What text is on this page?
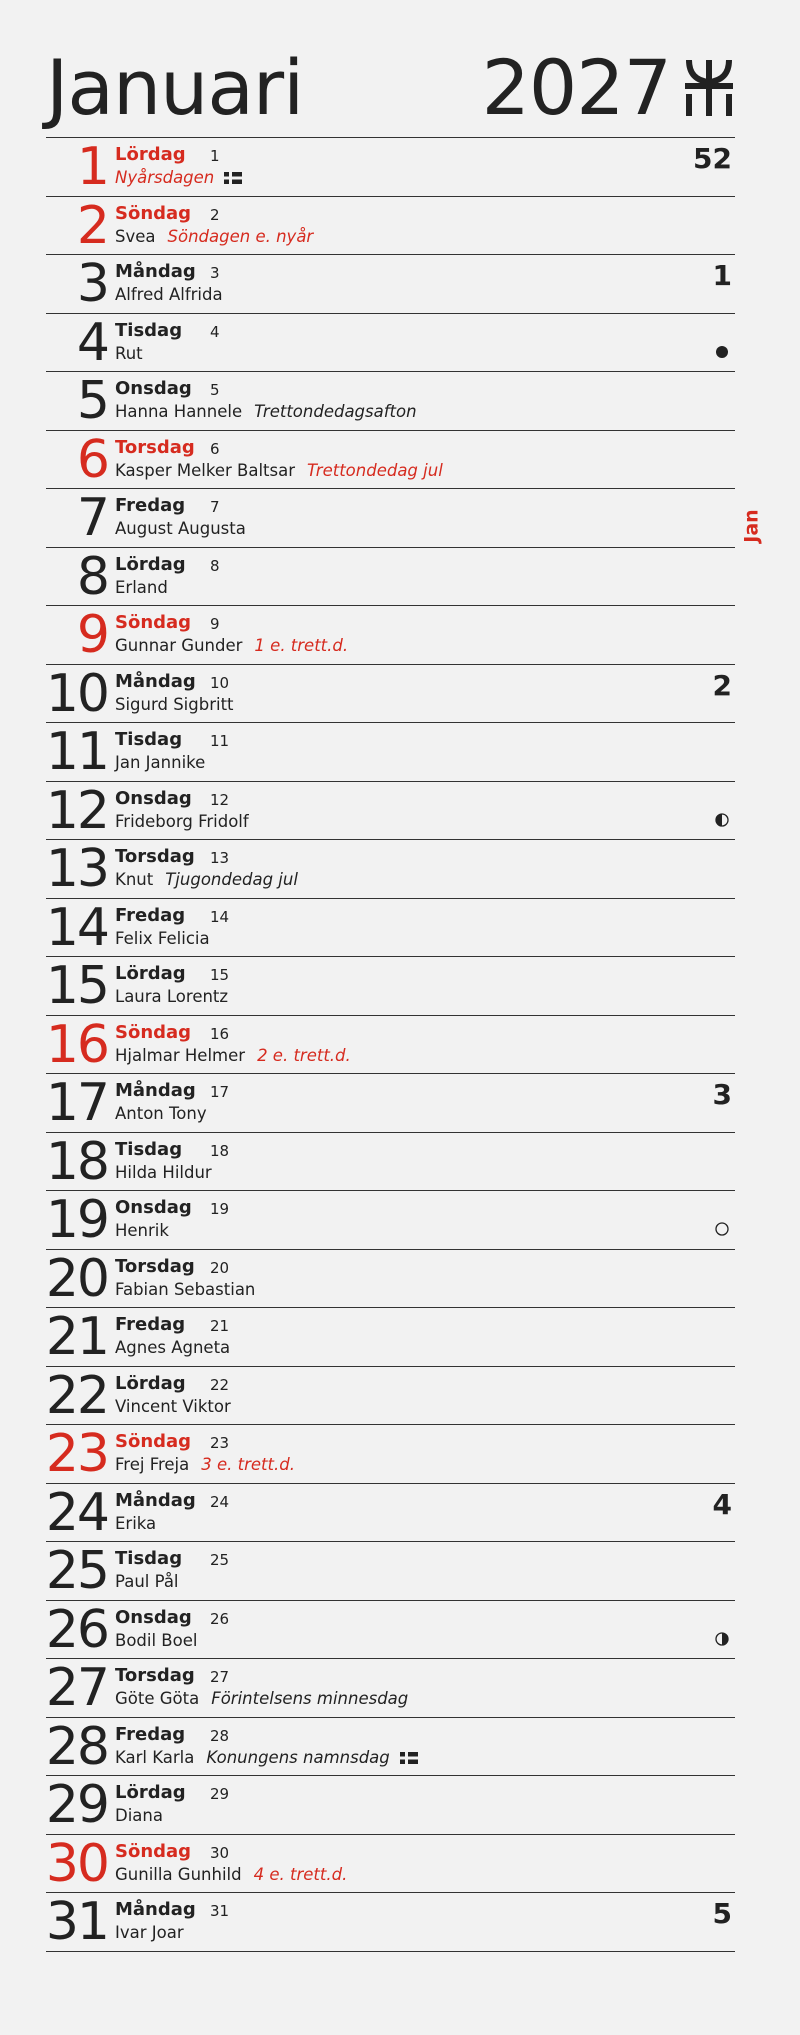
Januari 2027
Jan
1 Lördag 1
Nyårsdagen
52
2 Söndag 2
Svea Söndagen e. nyår
3 Måndag 3
Alfred Alfrida
1
4 Tisdag 4
Rut
5 Onsdag 5
Hanna Hannele Trettondedagsafton
6 Torsdag 6
Kasper Melker Baltsar Trettondedag jul
7 Fredag 7
August Augusta
8 Lördag 8
Erland
9 Söndag 9
Gunnar Gunder 1 e. trett.d.
10 Måndag 10
Sigurd Sigbritt
2
11 Tisdag 11
Jan Jannike
12 Onsdag 12
Frideborg Fridolf
13 Torsdag 13
Knut Tjugondedag jul
14 Fredag 14
Felix Felicia
15 Lördag 15
Laura Lorentz
16 Söndag 16
Hjalmar Helmer 2 e. trett.d.
17 Måndag 17
Anton Tony
3
18 Tisdag 18
Hilda Hildur
19 Onsdag 19
Henrik
20 Torsdag 20
Fabian Sebastian
21 Fredag 21
Agnes Agneta
22 Lördag 22
Vincent Viktor
23 Söndag 23
Frej Freja 3 e. trett.d.
24 Måndag 24
Erika
4
25 Tisdag 25
Paul Pål
26 Onsdag 26
Bodil Boel
27 Torsdag 27
Göte Göta Förintelsens minnesdag
28 Fredag 28
Karl Karla Konungens namnsdag
29 Lördag 29
Diana
30 Söndag 30
Gunilla Gunhild 4 e. trett.d.
31 Måndag 31
Ivar Joar
5
